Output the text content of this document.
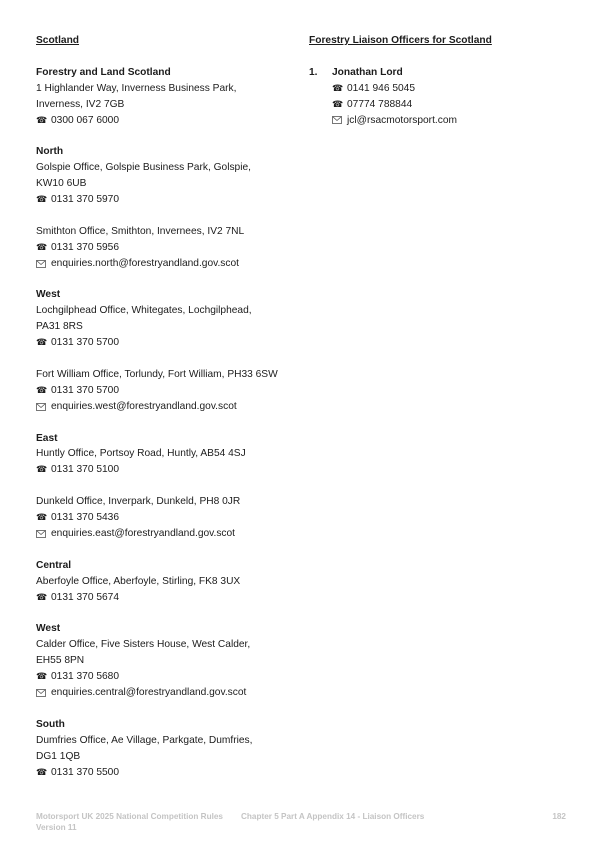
Scotland
Forestry and Land Scotland
1 Highlander Way, Inverness Business Park,
Inverness, IV2 7GB
☎ 0300 067 6000
North
Golspie Office, Golspie Business Park, Golspie,
KW10 6UB
☎ 0131 370 5970
Smithton Office, Smithton, Invernees, IV2 7NL
☎ 0131 370 5956
enquiries.north@forestryandland.gov.scot
West
Lochgilphead Office, Whitegates, Lochgilphead,
PA31 8RS
☎ 0131 370 5700
Fort William Office, Torlundy, Fort William, PH33 6SW
☎ 0131 370 5700
enquiries.west@forestryandland.gov.scot
East
Huntly Office, Portsoy Road, Huntly, AB54 4SJ
☎ 0131 370 5100
Dunkeld Office, Inverpark, Dunkeld, PH8 0JR
☎ 0131 370 5436
enquiries.east@forestryandland.gov.scot
Central
Aberfoyle Office, Aberfoyle, Stirling, FK8 3UX
☎ 0131 370 5674
West
Calder Office, Five Sisters House, West Calder,
EH55 8PN
☎ 0131 370 5680
enquiries.central@forestryandland.gov.scot
South
Dumfries Office, Ae Village, Parkgate, Dumfries,
DG1 1QB
☎ 0131 370 5500
Forestry Liaison Officers for Scotland
1. Jonathan Lord
☎ 0141 946 5045
☎ 07774 788844
jcl@rsacmotorsport.com
Motorsport UK 2025 National Competition Rules
Version 11
Chapter 5 Part A Appendix 14 - Liaison Officers	182
